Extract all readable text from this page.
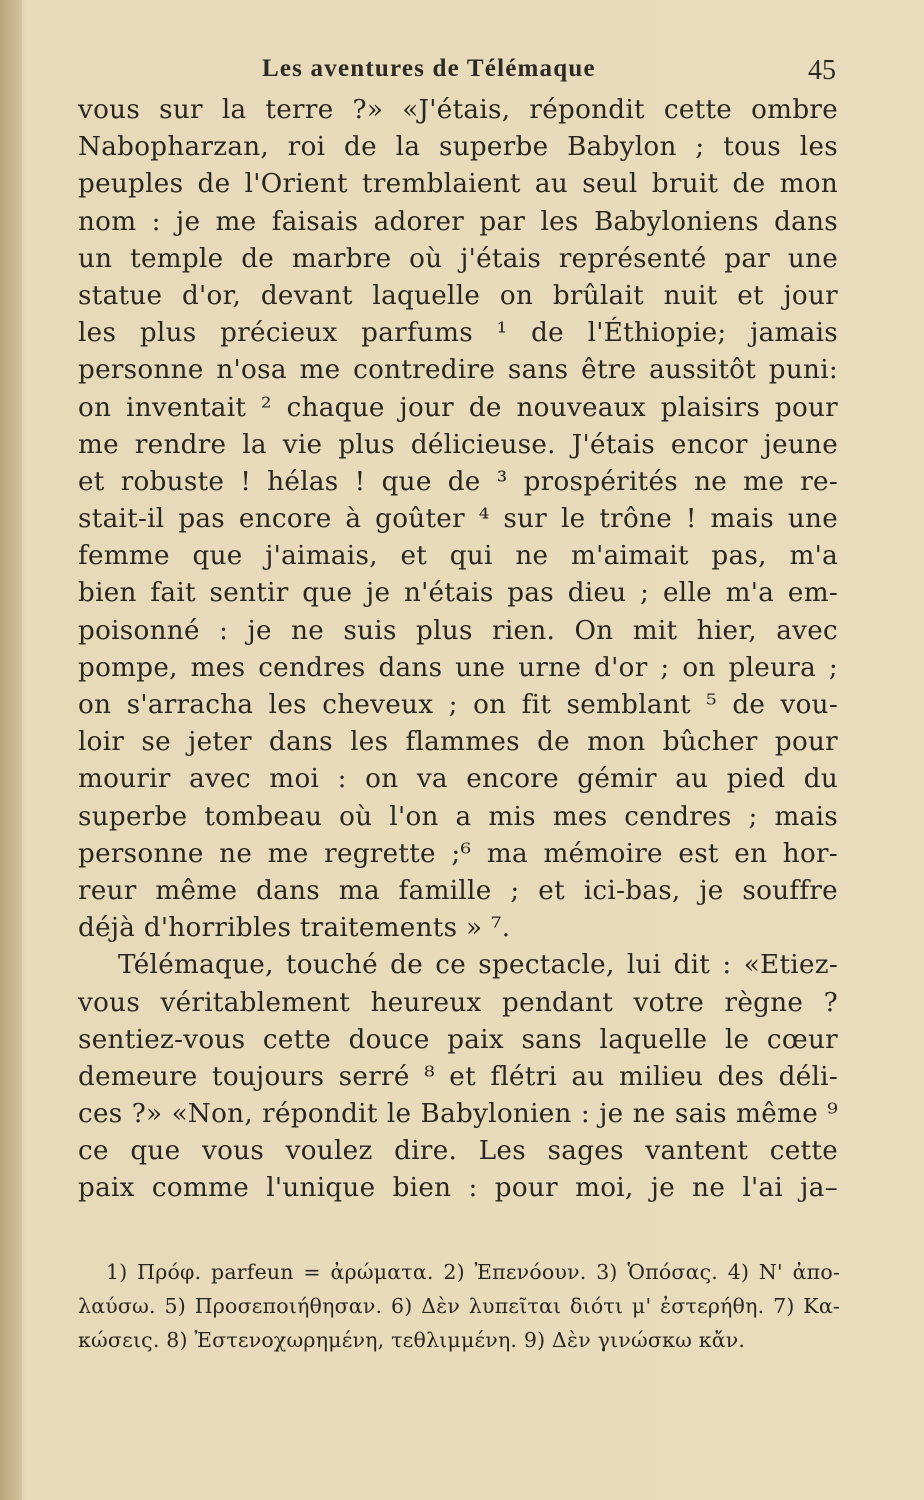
Les aventures de Télémaque	45
vous sur la terre ?» «J'étais, répondit cette ombre
Nabopharzan, roi de la superbe Babylon ; tous les
peuples de l'Orient tremblaient au seul bruit de mon
nom : je me faisais adorer par les Babyloniens dans
un temple de marbre où j'étais représenté par une
statue d'or, devant laquelle on brûlait nuit et jour
les plus précieux parfums ¹ de l'Éthiopie; jamais
personne n'osa me contredire sans être aussitôt puni:
on inventait ² chaque jour de nouveaux plaisirs pour
me rendre la vie plus délicieuse. J'étais encor jeune
et robuste ! hélas ! que de ³ prospérités ne me re-
stait-il pas encore à goûter ⁴ sur le trône ! mais une
femme que j'aimais, et qui ne m'aimait pas, m'a
bien fait sentir que je n'étais pas dieu ; elle m'a em-
poisonné : je ne suis plus rien. On mit hier, avec
pompe, mes cendres dans une urne d'or ; on pleura ;
on s'arracha les cheveux ; on fit semblant ⁵ de vou-
loir se jeter dans les flammes de mon bûcher pour
mourir avec moi : on va encore gémir au pied du
superbe tombeau où l'on a mis mes cendres ; mais
personne ne me regrette ;⁶ ma mémoire est en hor-
reur même dans ma famille ; et ici-bas, je souffre
déjà d'horribles traitements » ⁷.
Télémaque, touché de ce spectacle, lui dit : «Etiez-
vous véritablement heureux pendant votre règne ?
sentiez-vous cette douce paix sans laquelle le cœur
demeure toujours serré ⁸ et flétri au milieu des déli-
ces ?» «Non, répondit le Babylonien : je ne sais même ⁹
ce que vous voulez dire. Les sages vantent cette
paix comme l'unique bien : pour moi, je ne l'ai ja–
1) Πρόφ. parfeun = ἀρώματα. 2) Ἐπενόουν. 3) Ὁπόσας. 4) Ν' ἀπο-
λαύσω. 5) Προσεποιήθησαν. 6) Δὲν λυπεῖται διότι μ' ἐστερήθη. 7) Κα-
κώσεις. 8) Ἐστενοχωρημένη, τεθλιμμένη. 9) Δὲν γινώσκω κἄν.
